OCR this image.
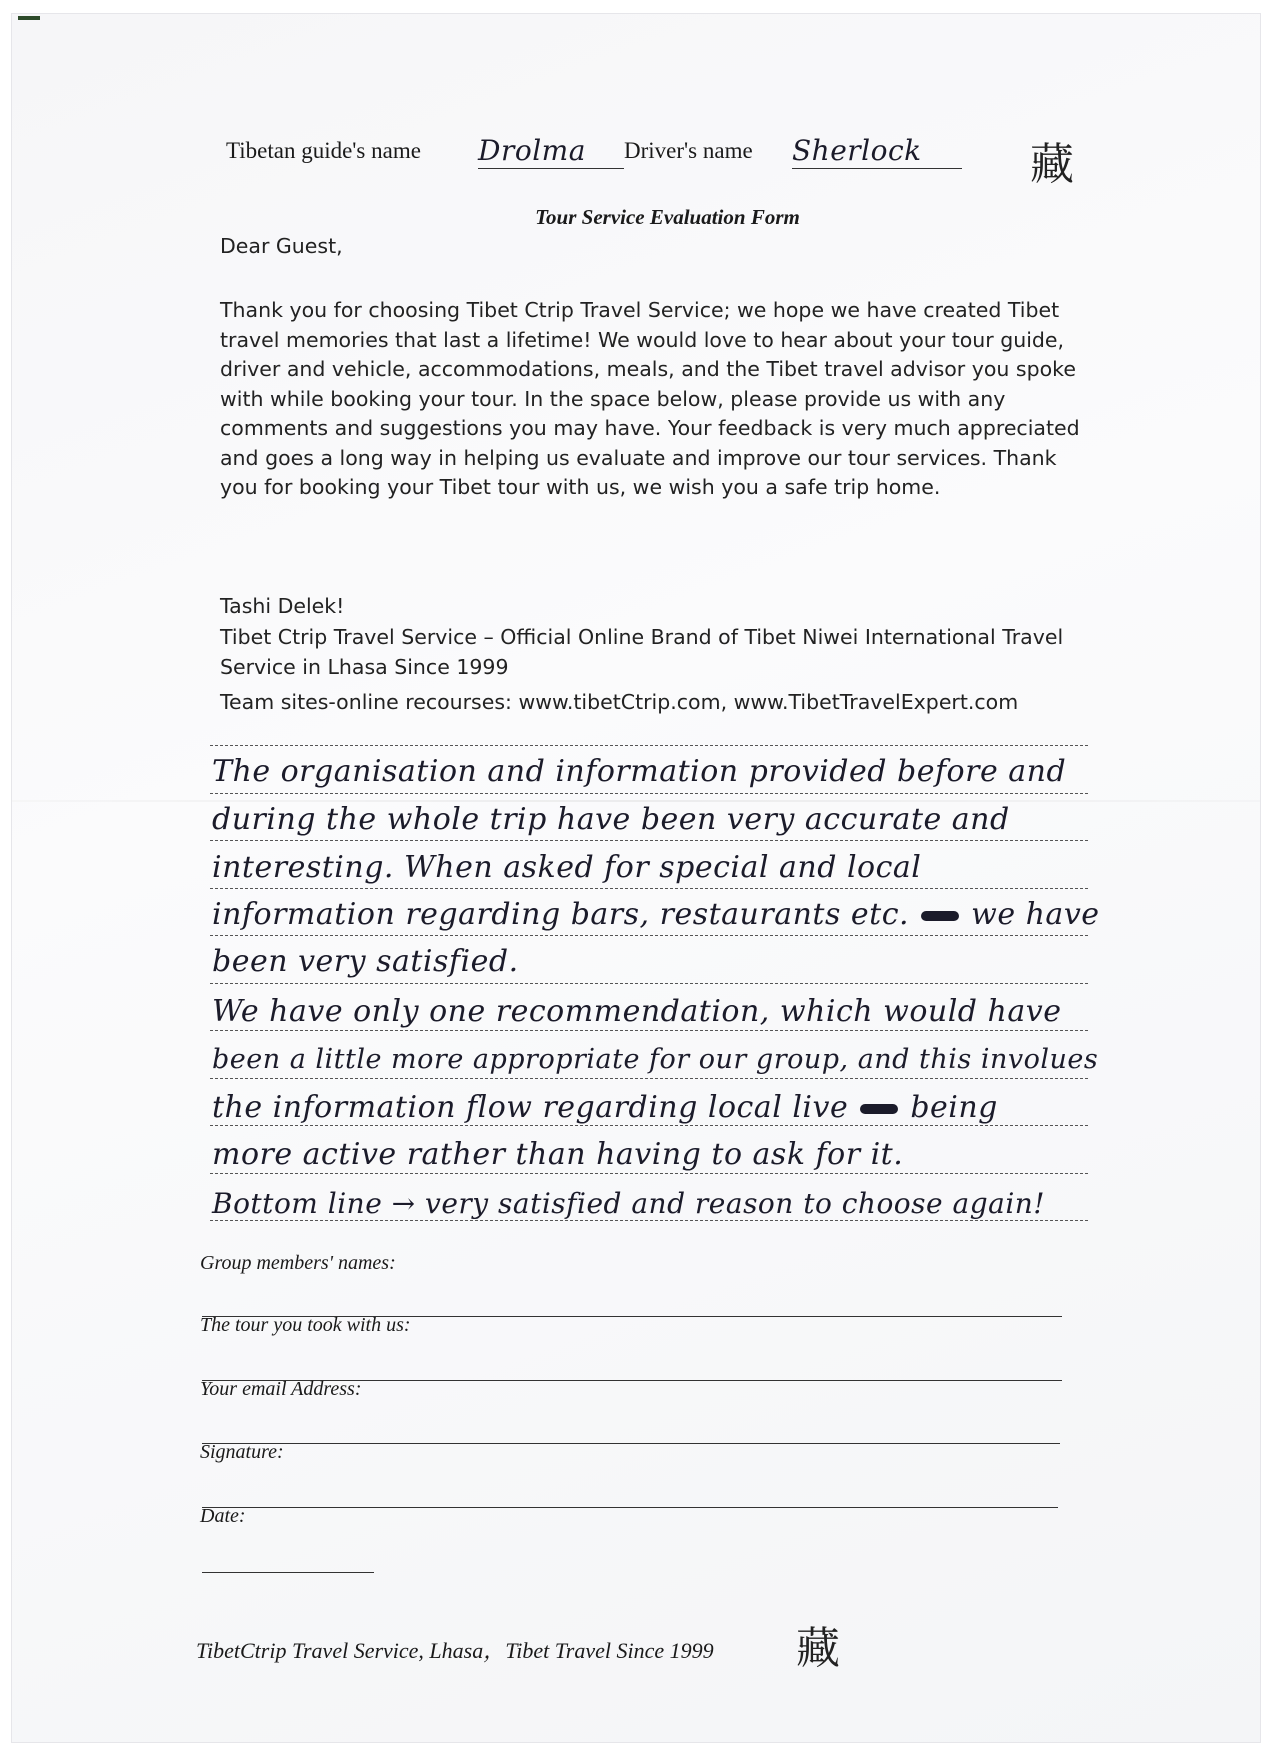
Tibetan guide's name Drolma	Driver's name Sherlock	藏
Tour Service Evaluation Form
Dear Guest,
Thank you for choosing Tibet Ctrip Travel Service; we hope we have created Tibet travel memories that last a lifetime! We would love to hear about your tour guide, driver and vehicle, accommodations, meals, and the Tibet travel advisor you spoke with while booking your tour. In the space below, please provide us with any comments and suggestions you may have. Your feedback is very much appreciated and goes a long way in helping us evaluate and improve our tour services. Thank you for booking your Tibet tour with us, we wish you a safe trip home.
Tashi Delek!
Tibet Ctrip Travel Service – Official Online Brand of Tibet Niwei International Travel Service in Lhasa Since 1999
Team sites-online recourses: www.tibetCtrip.com, www.TibetTravelExpert.com
The organisation and information provided before and
during the whole trip have been very accurate and
interesting. When asked for special and local
information regarding bars, restaurants etc. we have
been very satisfied.
We have only one recommendation, which would have
been a little more appropriate for our group, and this involues
the information flow regarding local live being
more active rather than having to ask for it.
Bottom line → very satisfied and reason to choose again!
Group members' names:
The tour you took with us:
Your email Address:
Signature:
Date:
TibetCtrip Travel Service, Lhasa，Tibet Travel Since 1999 藏
